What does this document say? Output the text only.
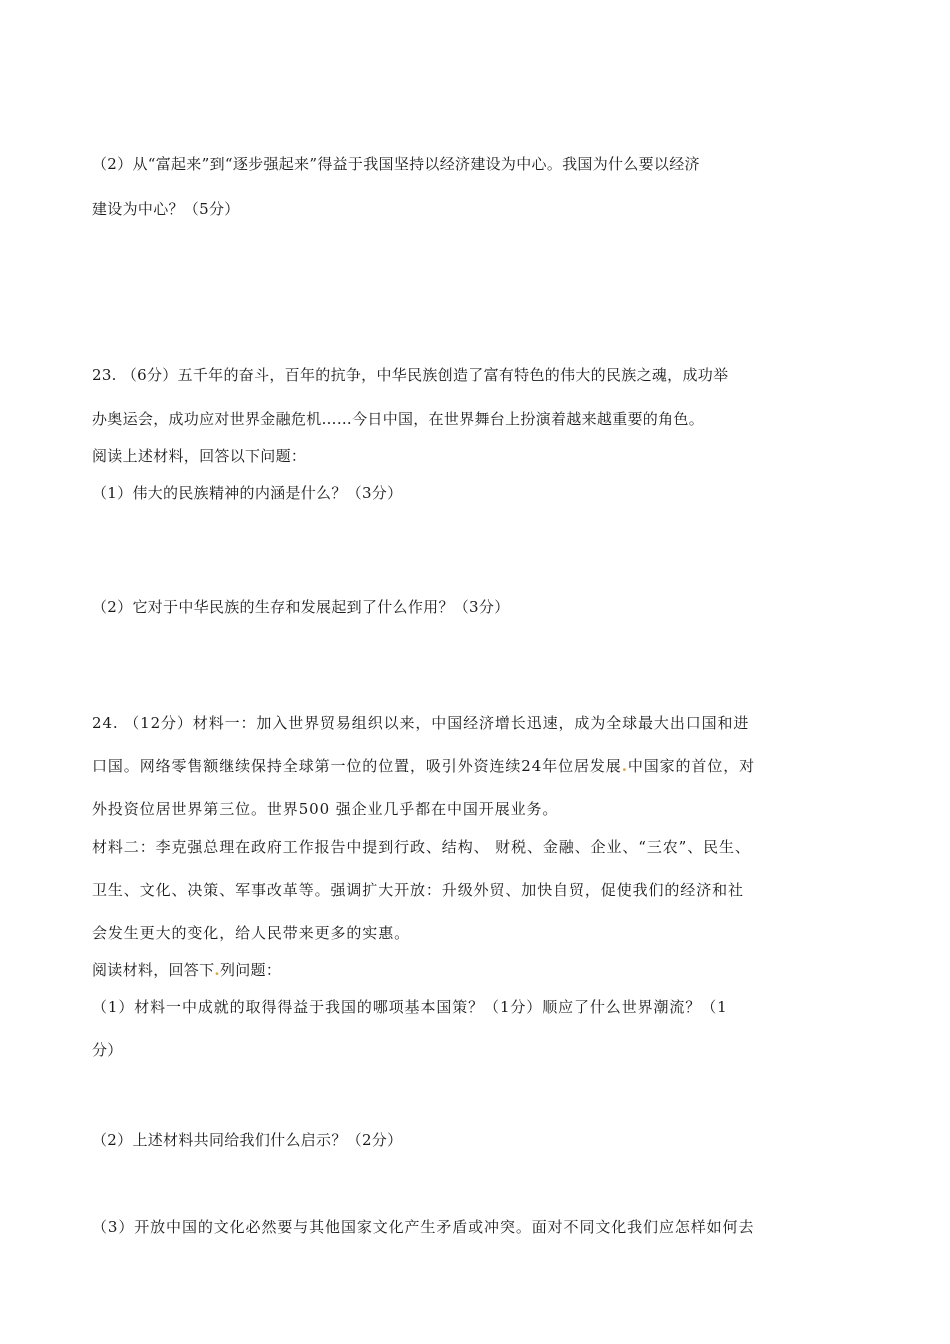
（2）从“富起来”到“逐步强起来”得益于我国坚持以经济建设为中心。我国为什么要以经济
建设为中心？（5分）
23. （6分）五千年的奋斗，百年的抗争，中华民族创造了富有特色的伟大的民族之魂，成功举
办奥运会，成功应对世界金融危机……今日中国，在世界舞台上扮演着越来越重要的角色。
阅读上述材料，回答以下问题：
（1）伟大的民族精神的内涵是什么？（3分）
（2）它对于中华民族的生存和发展起到了什么作用？（3分）
24. （12分）材料一：加入世界贸易组织以来，中国经济增长迅速，成为全球最大出口国和进
口国。网络零售额继续保持全球第一位的位置，吸引外资连续24年位居发展.中国家的首位，对
外投资位居世界第三位。世界500 强企业几乎都在中国开展业务。
材料二：李克强总理在政府工作报告中提到行政、结构、 财税、金融、企业、“三农”、民生、
卫生、文化、决策、军事改革等。强调扩大开放：升级外贸、加快自贸，促使我们的经济和社
会发生更大的变化，给人民带来更多的实惠。
阅读材料，回答下.列问题：
（1）材料一中成就的取得得益于我国的哪项基本国策？（1分）顺应了什么世界潮流？（1
分）
（2）上述材料共同给我们什么启示？（2分）
（3）开放中国的文化必然要与其他国家文化产生矛盾或冲突。面对不同文化我们应怎样如何去
